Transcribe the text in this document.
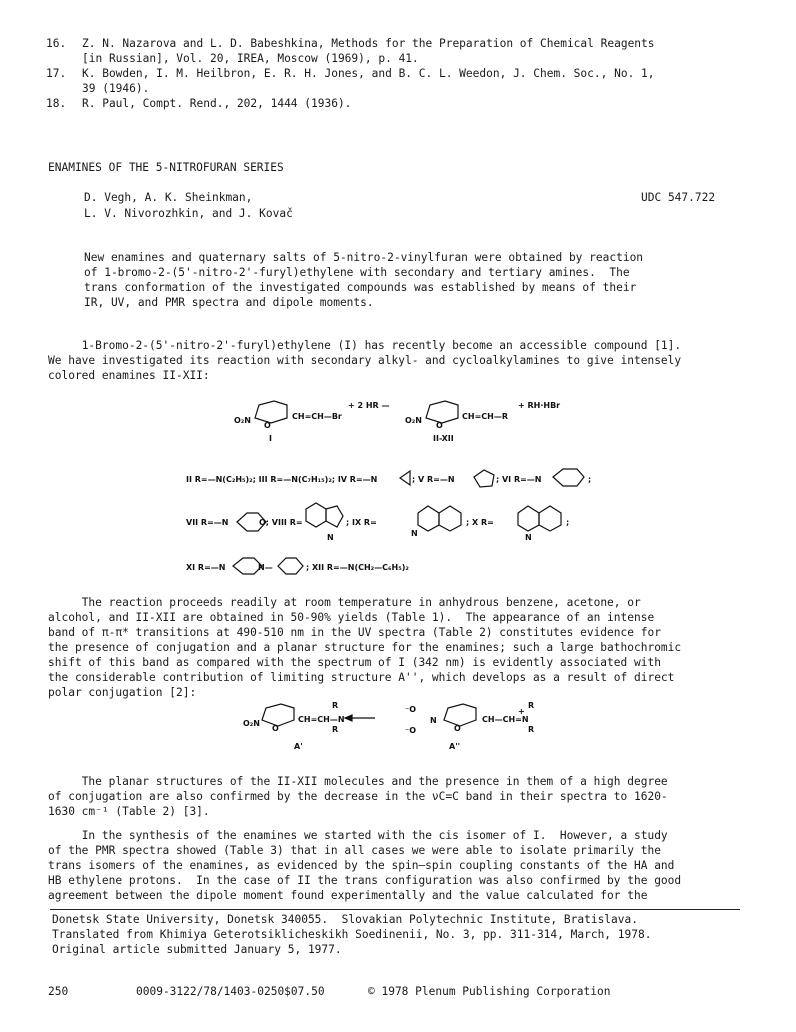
16.	Z. N. Nazarova and L. D. Babeshkina, Methods for the Preparation of Chemical Reagents
[in Russian], Vol. 20, IREA, Moscow (1969), p. 41.
17.	K. Bowden, I. M. Heilbron, E. R. H. Jones, and B. C. L. Weedon, J. Chem. Soc., No. 1,
39 (1946).
18.	R. Paul, Compt. Rend., 202, 1444 (1936).
ENAMINES OF THE 5-NITROFURAN SERIES
D. Vegh, A. K. Sheinkman,
L. V. Nivorozhkin, and J. Kovač
UDC 547.722
New enamines and quaternary salts of 5-nitro-2-vinylfuran were obtained by reaction
of 1-bromo-2-(5'-nitro-2'-furyl)ethylene with secondary and tertiary amines.  The
trans conformation of the investigated compounds was established by means of their
IR, UV, and PMR spectra and dipole moments.
1-Bromo-2-(5'-nitro-2'-furyl)ethylene (I) has recently become an accessible compound [1].
We have investigated its reaction with secondary alkyl- and cycloalkylamines to give intensely
colored enamines II-XII:
The reaction proceeds readily at room temperature in anhydrous benzene, acetone, or
alcohol, and II-XII are obtained in 50-90% yields (Table 1).  The appearance of an intense
band of π-π* transitions at 490-510 nm in the UV spectra (Table 2) constitutes evidence for
the presence of conjugation and a planar structure for the enamines; such a large bathochromic
shift of this band as compared with the spectrum of I (342 nm) is evidently associated with
the considerable contribution of limiting structure A'', which develops as a result of direct
polar conjugation [2]:
The planar structures of the II-XII molecules and the presence in them of a high degree
of conjugation are also confirmed by the decrease in the νC=C band in their spectra to 1620-
1630 cm⁻¹ (Table 2) [3].
In the synthesis of the enamines we started with the cis isomer of I.  However, a study
of the PMR spectra showed (Table 3) that in all cases we were able to isolate primarily the
trans isomers of the enamines, as evidenced by the spin—spin coupling constants of the HA and
HB ethylene protons.  In the case of II the trans configuration was also confirmed by the good
agreement between the dipole moment found experimentally and the value calculated for the
Donetsk State University, Donetsk 340055.  Slovakian Polytechnic Institute, Bratislava.
Translated from Khimiya Geterotsiklicheskikh Soedinenii, No. 3, pp. 311-314, March, 1978.
Original article submitted January 5, 1977.
250	0009-3122/78/1403-0250$07.50	© 1978 Plenum Publishing Corporation
O₂N
O
CH=CH—Br
+ 2 HR —
I
O₂N
O
CH=CH—R
+ RH·HBr
II-XII
II R=—N(C₂H₅)₂; III R=—N(C₇H₁₅)₂; IV R=—N	; V R=—N	; VI R=—N	;
VII R=—N	O; VIII R=
N
; IX R=
N
; X R=
N
;
XI R=—N	N—	; XII R=—N(CH₂—C₆H₅)₂
O₂N
O
CH=CH—N
R
R
A'
⁻O
⁻O
N
O
CH—CH=N
R
R
+
A''
